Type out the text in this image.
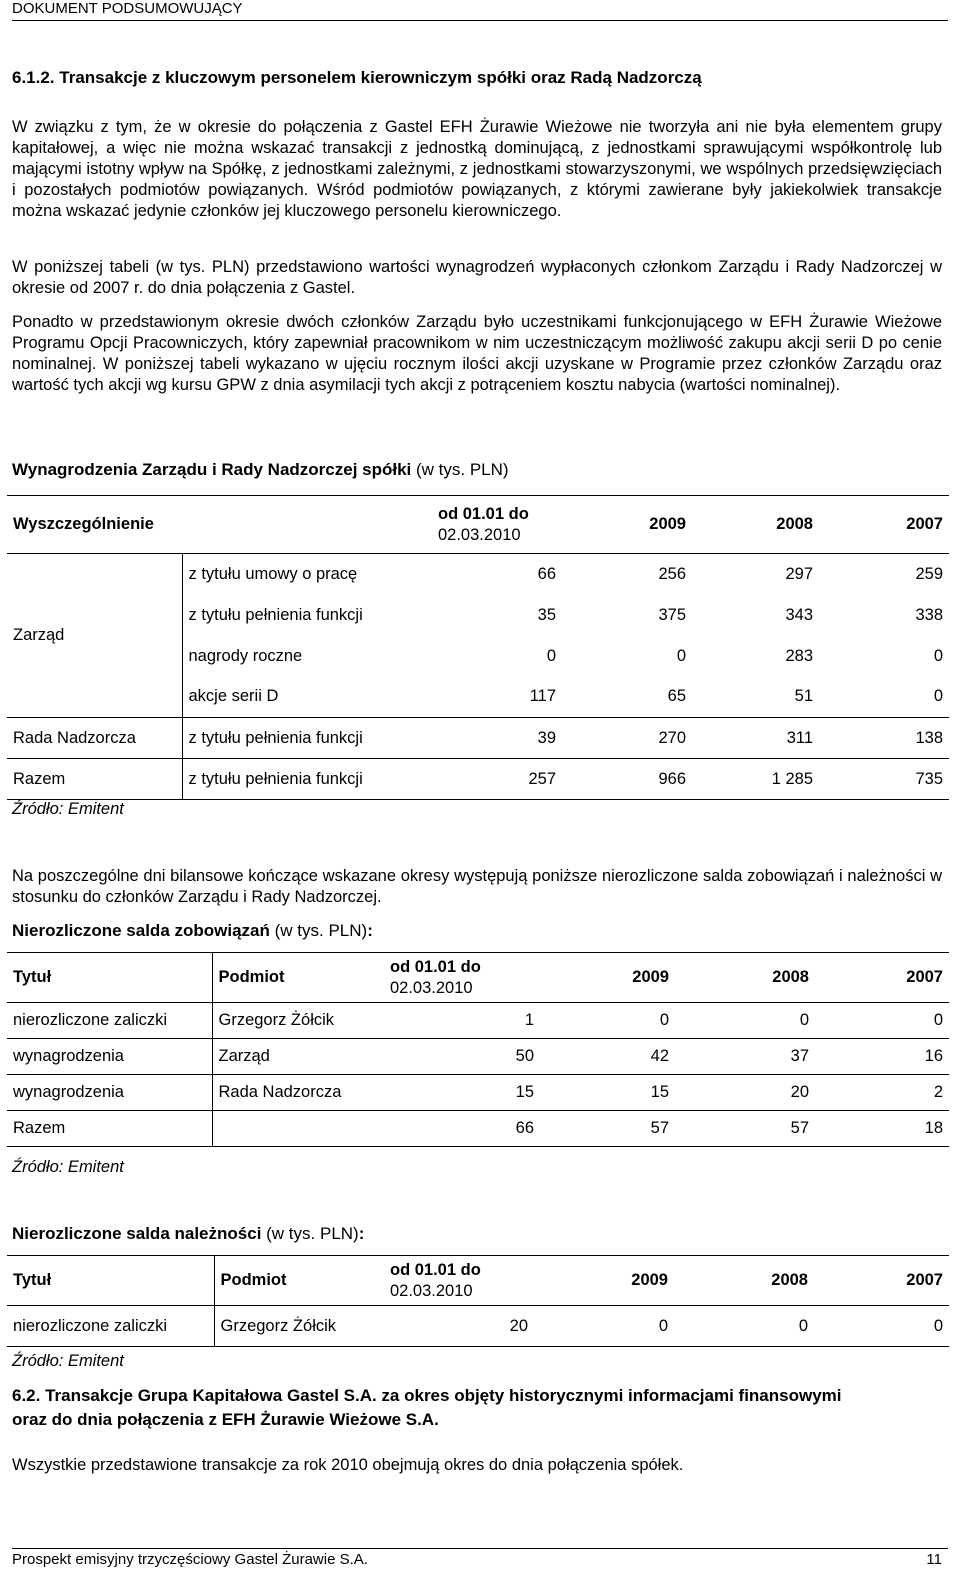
DOKUMENT PODSUMOWUJĄCY
6.1.2. Transakcje z kluczowym personelem kierowniczym spółki oraz Radą Nadzorczą
W związku z tym, że w okresie do połączenia z Gastel EFH Żurawie Wieżowe nie tworzyła ani nie była elementem grupy kapitałowej, a więc nie można wskazać transakcji z jednostką dominującą, z jednostkami sprawującymi współkontrolę lub mającymi istotny wpływ na Spółkę, z jednostkami zależnymi, z jednostkami stowarzyszonymi, we wspólnych przedsięwzięciach i pozostałych podmiotów powiązanych. Wśród podmiotów powiązanych, z którymi zawierane były jakiekolwiek transakcje można wskazać jedynie członków jej kluczowego personelu kierowniczego.
W poniższej tabeli (w tys. PLN) przedstawiono wartości wynagrodzeń wypłaconych członkom Zarządu i Rady Nadzorczej w okresie od 2007 r. do dnia połączenia z Gastel.
Ponadto w przedstawionym okresie dwóch członków Zarządu było uczestnikami funkcjonującego w EFH Żurawie Wieżowe Programu Opcji Pracowniczych, który zapewniał pracownikom w nim uczestniczącym możliwość zakupu akcji serii D po cenie nominalnej. W poniższej tabeli wykazano w ujęciu rocznym ilości akcji uzyskane w Programie przez członków Zarządu oraz wartość tych akcji wg kursu GPW z dnia asymilacji tych akcji z potrąceniem kosztu nabycia (wartości nominalnej).
Wynagrodzenia Zarządu i Rady Nadzorczej spółki (w tys. PLN)
Wyszczególnienie		od 01.01 do
02.03.2010	2009	2008	2007
Zarząd	z tytułu umowy o pracę	66	256	297	259
	z tytułu pełnienia funkcji	35	375	343	338
	nagrody roczne	0	0	283	0
	akcje serii D	117	65	51	0
Rada Nadzorcza	z tytułu pełnienia funkcji	39	270	311	138
Razem	z tytułu pełnienia funkcji	257	966	1 285	735
Źródło: Emitent
Na poszczególne dni bilansowe kończące wskazane okresy występują poniższe nierozliczone salda zobowiązań i należności w stosunku do członków Zarządu i Rady Nadzorczej.
Nierozliczone salda zobowiązań (w tys. PLN):
Tytuł	Podmiot	od 01.01 do
02.03.2010	2009	2008	2007
nierozliczone zaliczki	Grzegorz Żółcik	1	0	0	0
wynagrodzenia	Zarząd	50	42	37	16
wynagrodzenia	Rada Nadzorcza	15	15	20	2
Razem		66	57	57	18
Źródło: Emitent
Nierozliczone salda należności (w tys. PLN):
Tytuł	Podmiot	od 01.01 do
02.03.2010	2009	2008	2007
nierozliczone zaliczki	Grzegorz Żółcik	20	0	0	0
Źródło: Emitent
6.2. Transakcje Grupa Kapitałowa Gastel S.A. za okres objęty historycznymi informacjami finansowymi
oraz do dnia połączenia z EFH Żurawie Wieżowe S.A.
Wszystkie przedstawione transakcje za rok 2010 obejmują okres do dnia połączenia spółek.
Prospekt emisyjny trzyczęściowy Gastel Żurawie S.A.	11
